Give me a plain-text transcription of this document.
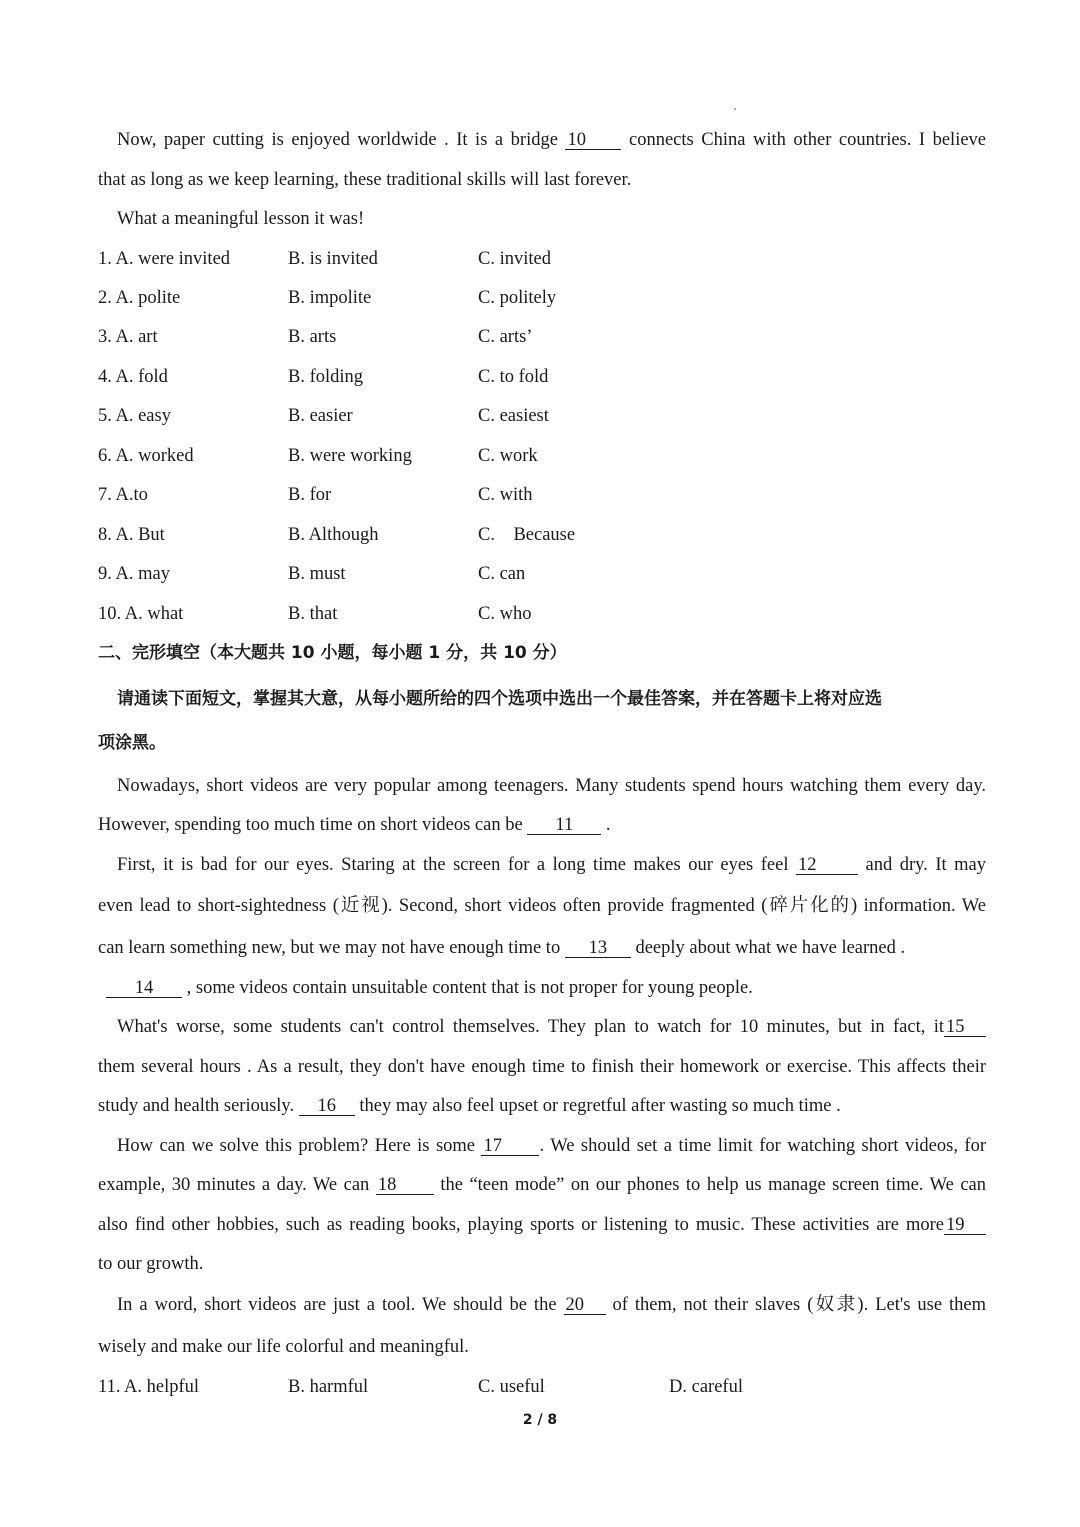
Now, paper cutting is enjoyed worldwide . It is a bridge 10 connects China with other countries. I believe
that as long as we keep learning, these traditional skills will last forever.
What a meaningful lesson it was!
1. A. were invited	B. is invited	C. invited
2. A. polite	B. impolite	C. politely
3. A. art	B. arts	C. arts’
4. A. fold	B. folding	C. to fold
5. A. easy	B. easier	C. easiest
6. A. worked	B. were working	C. work
7. A.to	B. for	C. with
8. A. But	B. Although	C.    Because
9. A. may	B. must	C. can
10. A. what	B. that	C. who
二、完形填空（本大题共 10 小题，每小题 1 分，共 10 分）
请通读下面短文，掌握其大意，从每小题所给的四个选项中选出一个最佳答案，并在答题卡上将对应选
项涂黑。
Nowadays, short videos are very popular among teenagers. Many students spend hours watching them every day.
However, spending too much time on short videos can be 11 .
First, it is bad for our eyes. Staring at the screen for a long time makes our eyes feel 12	and dry. It may
even lead to short-sightedness (近视). Second, short videos often provide fragmented (碎片化的) information. We
can learn something new, but we may not have enough time to 13 deeply about what we have learned .
14 , some videos contain unsuitable content that is not proper for young people.
What's worse, some students can't control themselves. They plan to watch for 10 minutes, but in fact, it 15
them several hours . As a result, they don't have enough time to finish their homework or exercise. This affects their
study and health seriously. 16 they may also feel upset or regretful after wasting so much time .
How can we solve this problem? Here is some 17 . We should set a time limit for watching short videos, for
example, 30 minutes a day. We can 18 the “teen mode” on our phones to help us manage screen time. We can
also find other hobbies, such as reading books, playing sports or listening to music. These activities are more 19
to our growth.
In a word, short videos are just a tool. We should be the 20 of them, not their slaves (奴隶). Let's use them
wisely and make our life colorful and meaningful.
11. A. helpful	B. harmful	C. useful	D. careful
2 / 8
